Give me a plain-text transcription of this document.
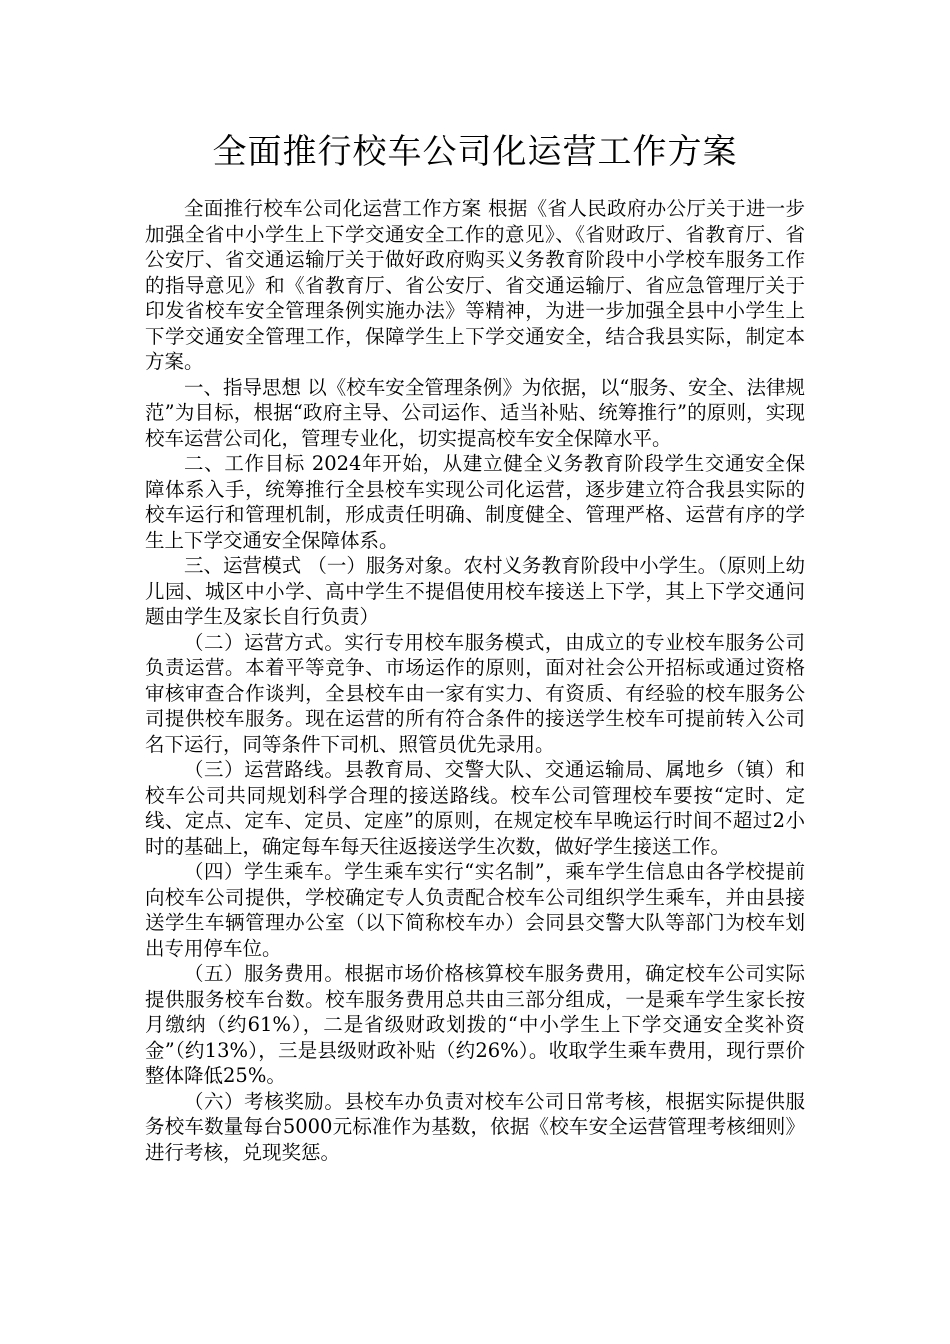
全面推行校车公司化运营工作方案

全面推行校车公司化运营工作方案 根据《省人民政府办公厅关于进一步加强全省中小学生上下学交通安全工作的意见》、《省财政厅、省教育厅、省公安厅、省交通运输厅关于做好政府购买义务教育阶段中小学校车服务工作的指导意见》和《省教育厅、省公安厅、省交通运输厅、省应急管理厅关于印发省校车安全管理条例实施办法》等精神，为进一步加强全县中小学生上下学交通安全管理工作，保障学生上下学交通安全，结合我县实际，制定本方案。

一、指导思想 以《校车安全管理条例》为依据，以“服务、安全、法律规范”为目标，根据“政府主导、公司运作、适当补贴、统筹推行”的原则，实现校车运营公司化，管理专业化，切实提高校车安全保障水平。

二、工作目标 2024年开始，从建立健全义务教育阶段学生交通安全保障体系入手，统筹推行全县校车实现公司化运营，逐步建立符合我县实际的校车运行和管理机制，形成责任明确、制度健全、管理严格、运营有序的学生上下学交通安全保障体系。

三、运营模式 （一）服务对象。农村义务教育阶段中小学生。（原则上幼儿园、城区中小学、高中学生不提倡使用校车接送上下学，其上下学交通问题由学生及家长自行负责）

（二）运营方式。实行专用校车服务模式，由成立的专业校车服务公司负责运营。本着平等竞争、市场运作的原则，面对社会公开招标或通过资格审核审查合作谈判，全县校车由一家有实力、有资质、有经验的校车服务公司提供校车服务。现在运营的所有符合条件的接送学生校车可提前转入公司名下运行，同等条件下司机、照管员优先录用。

（三）运营路线。县教育局、交警大队、交通运输局、属地乡（镇）和校车公司共同规划科学合理的接送路线。校车公司管理校车要按“定时、定线、定点、定车、定员、定座”的原则，在规定校车早晚运行时间不超过2小时的基础上，确定每车每天往返接送学生次数，做好学生接送工作。

（四）学生乘车。学生乘车实行“实名制”，乘车学生信息由各学校提前向校车公司提供，学校确定专人负责配合校车公司组织学生乘车，并由县接送学生车辆管理办公室（以下简称校车办）会同县交警大队等部门为校车划出专用停车位。

（五）服务费用。根据市场价格核算校车服务费用，确定校车公司实际提供服务校车台数。校车服务费用总共由三部分组成，一是乘车学生家长按月缴纳（约61%），二是省级财政划拨的“中小学生上下学交通安全奖补资金”（约13%），三是县级财政补贴（约26%）。收取学生乘车费用，现行票价整体降低25%。

（六）考核奖励。县校车办负责对校车公司日常考核，根据实际提供服务校车数量每台5000元标准作为基数，依据《校车安全运营管理考核细则》进行考核，兑现奖惩。
